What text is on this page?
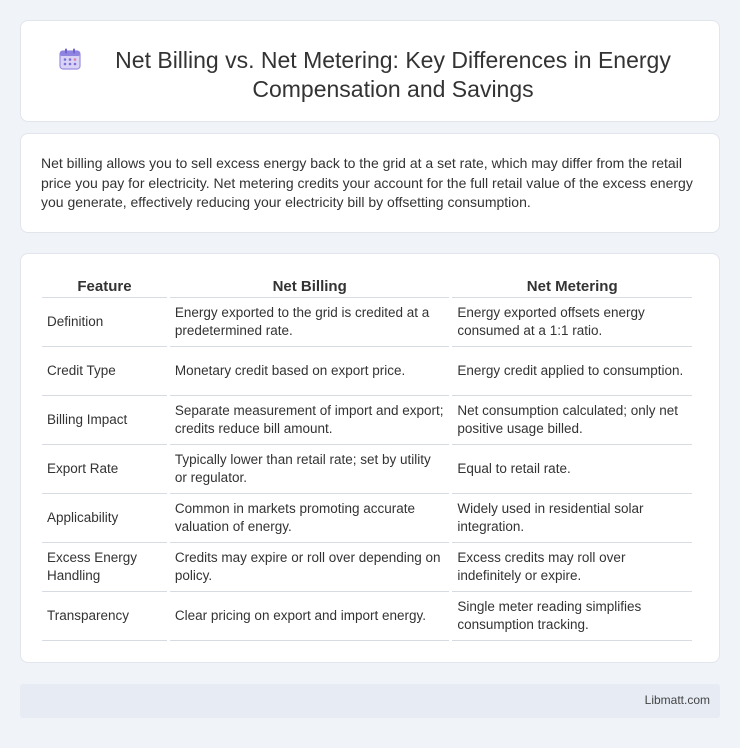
Net Billing vs. Net Metering: Key Differences in Energy Compensation and Savings

Net billing allows you to sell excess energy back to the grid at a set rate, which may differ from the retail price you pay for electricity. Net metering credits your account for the full retail value of the excess energy you generate, effectively reducing your electricity bill by offsetting consumption.

Feature	Net Billing	Net Metering
Definition	Energy exported to the grid is credited at a predetermined rate.	Energy exported offsets energy consumed at a 1:1 ratio.
Credit Type	Monetary credit based on export price.	Energy credit applied to consumption.
Billing Impact	Separate measurement of import and export; credits reduce bill amount.	Net consumption calculated; only net positive usage billed.
Export Rate	Typically lower than retail rate; set by utility or regulator.	Equal to retail rate.
Applicability	Common in markets promoting accurate valuation of energy.	Widely used in residential solar integration.
Excess Energy Handling	Credits may expire or roll over depending on policy.	Excess credits may roll over indefinitely or expire.
Transparency	Clear pricing on export and import energy.	Single meter reading simplifies consumption tracking.
Libmatt.com
